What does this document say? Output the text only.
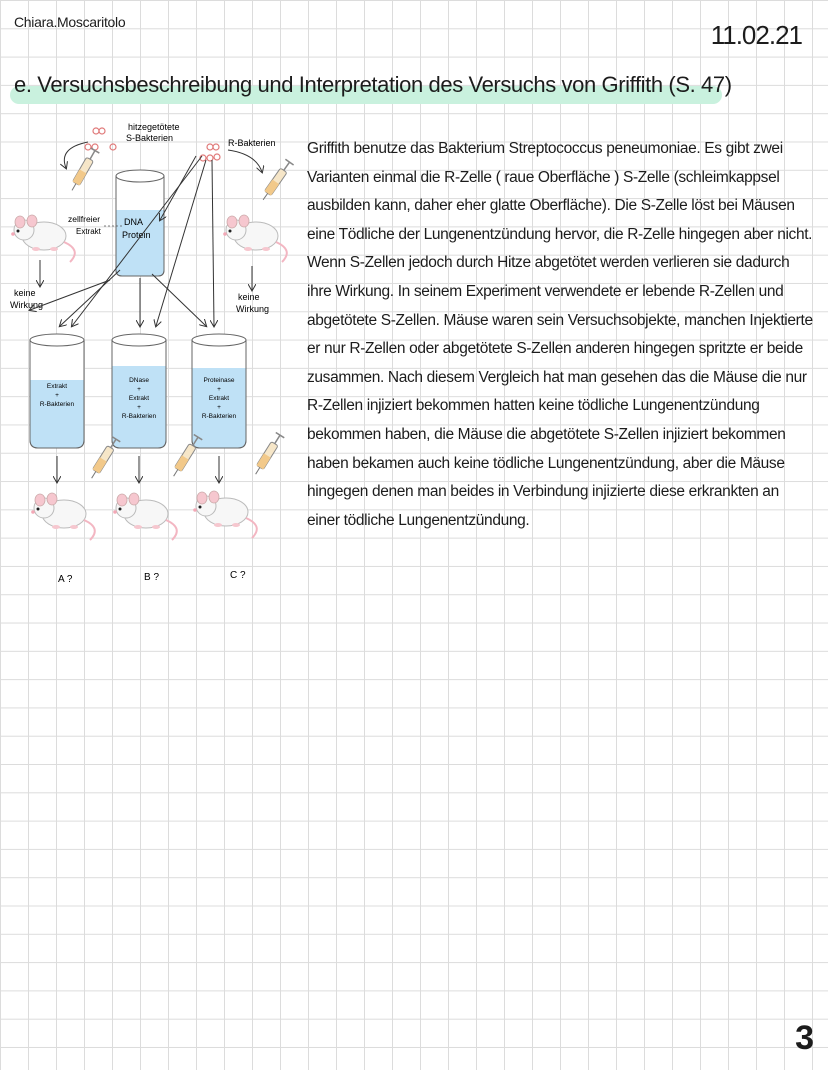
Chiara.Moscaritolo	11.02.21
e. Versuchsbeschreibung und Interpretation des Versuchs von Griffith (S. 47)
hitzegetötete
S-Bakterien	R-Bakterien
DNA
Protein
zellfreier
Extrakt
keine
Wirkung
keine
Wirkung
Extrakt
+
R-Bakterien
DNase
+
Extrakt
+
R-Bakterien
Proteinase
+
Extrakt
+
R-Bakterien
A ?	B ?	C ?
Griffith benutze das Bakterium Streptococcus peneumoniae. Es gibt zwei Varianten einmal die R-Zelle ( raue Oberfläche ) S-Zelle (schleimkappsel ausbilden kann, daher eher glatte Oberfläche). Die S-Zelle löst bei Mäusen eine Tödliche der Lungenentzündung hervor, die R-Zelle hingegen aber nicht. Wenn S-Zellen jedoch durch Hitze abgetötet werden verlieren sie dadurch ihre Wirkung. In seinem Experiment verwendete er lebende R-Zellen und abgetötete S-Zellen. Mäuse waren sein Versuchsobjekte, manchen Injektierte er nur R-Zellen oder abgetötete S-Zellen anderen hingegen spritzte er beide zusammen. Nach diesem Vergleich hat man gesehen das die Mäuse die nur R-Zellen injiziert bekommen hatten keine tödliche Lungenentzündung bekommen haben, die Mäuse die abgetötete S-Zellen injiziert bekommen haben bekamen auch keine tödliche Lungenentzündung, aber die Mäuse hingegen denen man beides in Verbindung injizierte diese erkrankten an einer tödliche Lungenentzündung.
3
